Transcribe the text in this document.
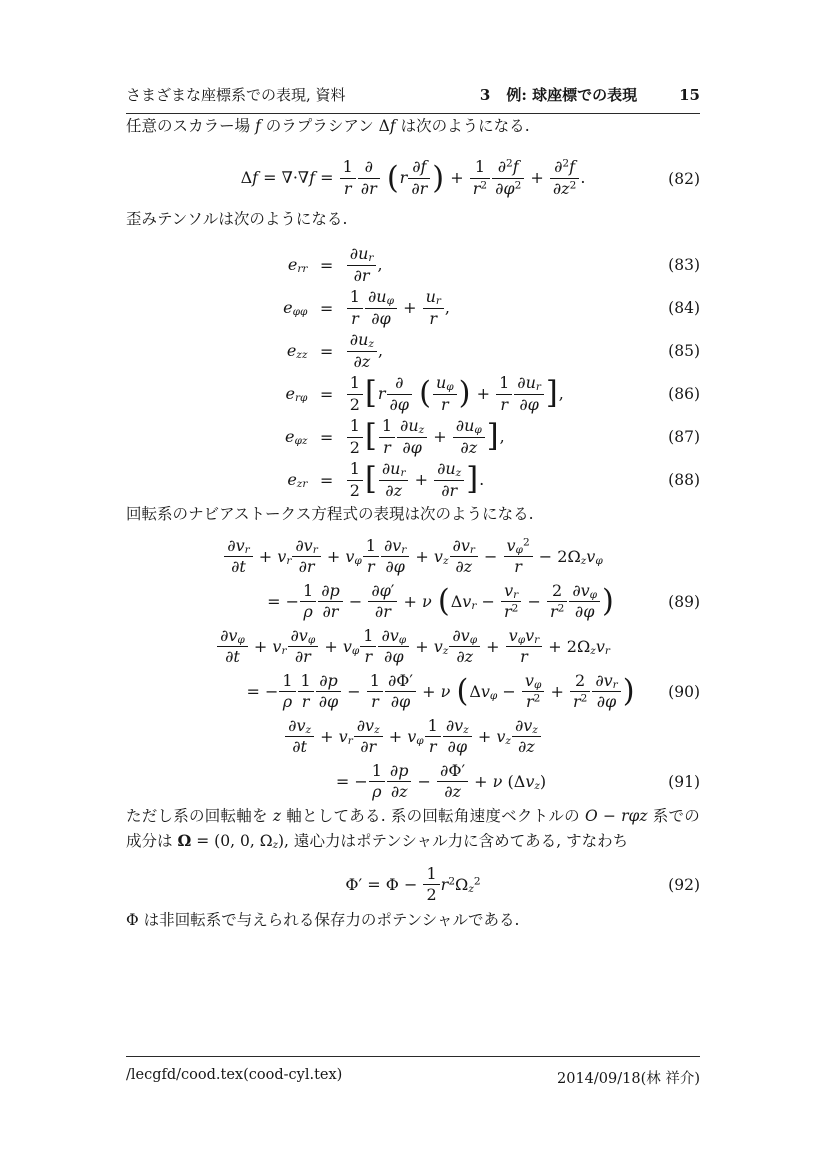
さまざまな座標系での表現, 資料	3 例: 球座標での表現	15

任意のスカラー場 f のラプラシアン Δf は次のようになる.

$\Delta f = \nabla\cdot\nabla f = \frac{1}{r}$ ∂
∂r ($r \frac{\partial f}{\partial r}$ ) + $\frac{1}{r^2} \frac{\partial^2f}{\partial\varphi^2} + \frac{\partial^2f}{\partial z^2}$ .	(82)

歪みテンソルは次のようになる.

err = $\frac{\partial ur}{\partial r}$ ,	(83)
$e\varphi\varphi = \frac{1}{r} \frac{\partial u\varphi}{\partial\varphi} + \frac{ur}{r}$ ,	(84)
ezz = $\frac{\partial uz}{\partial z}$ ,	(85)
$er\varphi = \frac{1}{2} [r$
∂
∂φ ( $\frac{u\varphi}{r}$ ) + $\frac{1}{r} \frac{\partial ur}{\partial\varphi}$ ],	(86)
$e\varphi z = \frac{1}{2}$ [ $\frac{1}{r} \frac{\partial uz}{\partial\varphi} + \frac{\partial u\varphi}{\partial z}$ ],	(87)
ezr = $\frac{1}{2}$ [ $\frac{\partial ur}{\partial z} + \frac{\partial uz}{\partial r}$ ].	(88)

回転系のナビアストークス方程式の表現は次のようになる.

$\frac{\partial vr}{\partial t}$ + vr $\frac{\partial vr}{\partial r} + v\varphi \frac{1}{r} \frac{\partial vr}{\partial\varphi}$ + vz $\frac{\partial vr}{\partial z} - \frac{v\varphi^2}{r} - 2\Omega zv\varphi$
= − $\frac{1}{\rho} \frac{\partial p}{\partial r} - \frac{\partial\varphi'}{\partial r} + \nu$ ($\Delta vr - \frac{vr}{r^2} - \frac{2}{r^2} \frac{\partial v\varphi}{\partial\varphi}$ )	(89)
$\frac{\partial v\varphi}{\partial t}$ + vr $\frac{\partial v\varphi}{\partial r} + v\varphi \frac{1}{r} \frac{\partial v\varphi}{\partial\varphi}$ + vz $\frac{\partial v\varphi}{\partial z}$ +
vφvr
r
+ 2Ωzvr
= − $\frac{1}{\rho} \frac{1}{r} \frac{\partial p}{\partial\varphi} - \frac{1}{r} \frac{\partial\Phi'}{\partial\varphi} + \nu$ ($\Delta v\varphi - \frac{v\varphi}{r^2} + \frac{2}{r^2} \frac{\partial vr}{\partial\varphi}$ ) (90)
$\frac{\partial vz}{\partial t}$ + vr $\frac{\partial vz}{\partial r} + v\varphi \frac{1}{r} \frac{\partial vz}{\partial\varphi}$ + vz $\frac{\partial vz}{\partial z}$
= − $\frac{1}{\rho} \frac{\partial p}{\partial z} - \frac{\partial\Phi'}{\partial z} + \nu$ (Δvz)	(91)

ただし系の回転軸を z 軸としてある. 系の回転角速度ベクトルの O − rφz 系での成分は Ω = (0, 0, Ωz), 遠心力はポテンシャル力に含めてある, すなわち

$\Phi' = \Phi - \frac{1}{2} r^2\Omega z^2$	(92)

Φ は非回転系で与えられる保存力のポテンシャルである.

/lecgfd/cood.tex(cood-cyl.tex)	2014/09/18(林 祥介)
